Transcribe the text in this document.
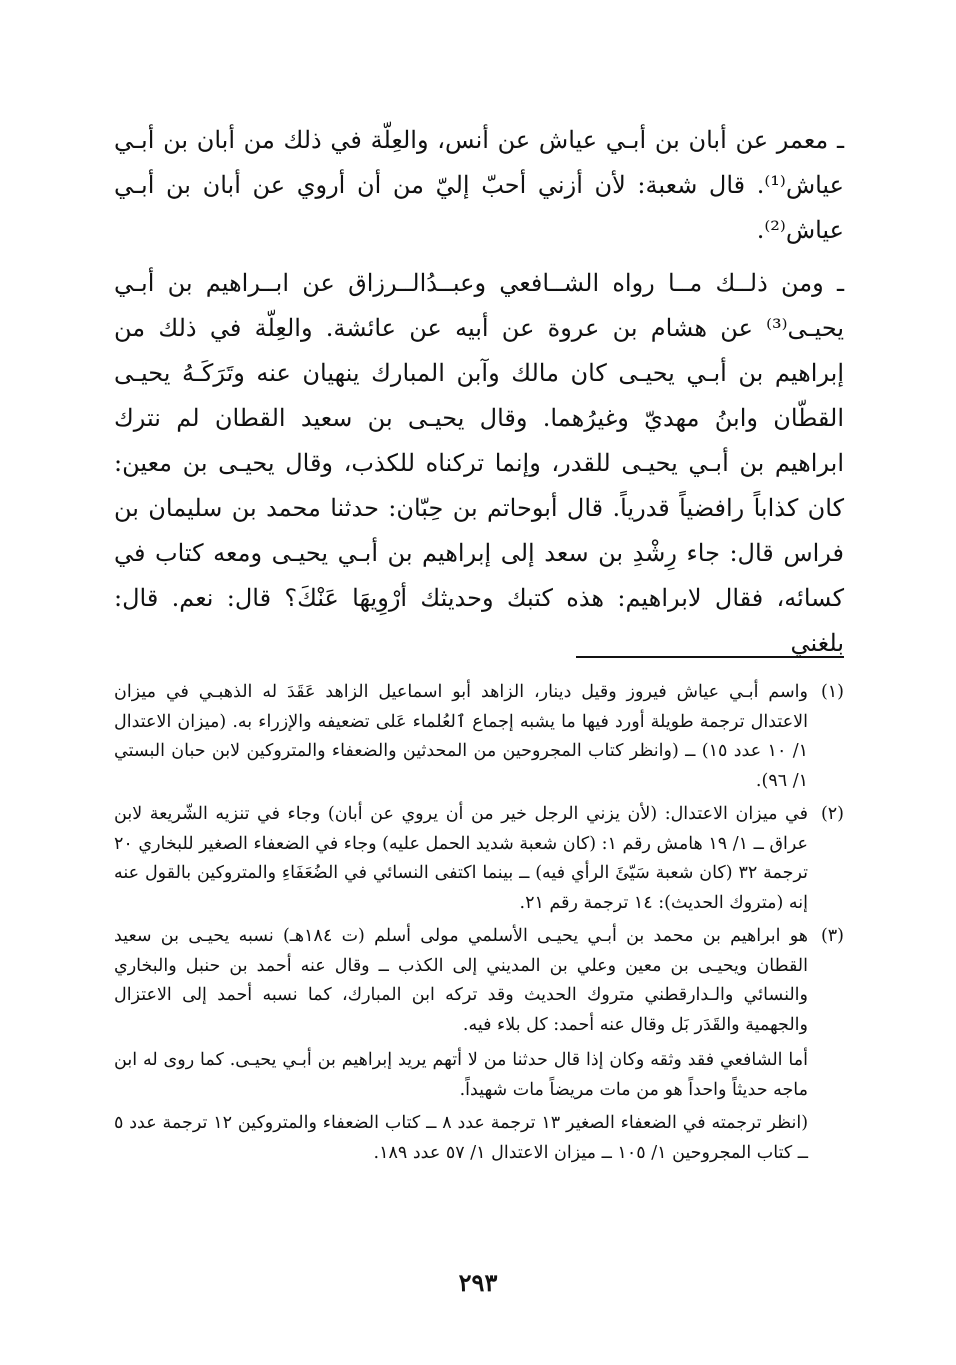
ـ معمر عن أبان بن أبـي عياش عن أنس، والعِلّة في ذلك من أبان بن أبـي عياش⁽¹⁾. قال شعبة: لأن أزني أحبّ إليّ من أن أروي عن أبان بن أبـي عياش⁽²⁾.

ـ ومن ذلــك مــا رواه الشــافعي وعبــدُالــرزاق عن ابــراهيم بن أبـي يحيـى⁽³⁾ عن هشام بن عروة عن أبيه عن عائشة. والعِلّة في ذلك من إبراهيم بن أبـي يحيـى كان مالك وآبن المبارك ينهيان عنه وتَرَكَـهُ يحيـى القطّان وابنُ مهديّ وغيرُهما. وقال يحيـى بن سعيد القطان لم نترك ابراهيم بن أبـي يحيـى للقدر، وإنما تركناه للكذب، وقال يحيـى بن معين: كان كذاباً رافضياً قدرياً. قال أبوحاتم بن حِبّان: حدثنا محمد بن سليمان بن فراس قال: جاء رِشْدِ بن سعد إلى إبراهيم بن أبـي يحيـى ومعه كتاب في كسائه، فقال لابراهيم: هذه كتبك وحديثك أرْوِيهَا عَنْكَ؟ قال: نعم. قال: بلغني

(١)

واسم أبـي عياش فيروز وقيل دينار، الزاهد أبو اسماعيل الزاهد عَقَدَ له الذهبـي في ميزان الاعتدال ترجمة طويلة أورد فيها ما يشبه إجماع ٱلعُلماء عَلى تضعيفه والإزراء به. (ميزان الاعتدال ١/ ١٠ عدد ١٥) ــ (وانظر كتاب المجروحين من المحدثين والضعفاء والمتروكين لابن حبان البستي ١/ ٩٦).

(٢)

في ميزان الاعتدال: (لأن يزني الرجل خير من أن يروي عن أبان) وجاء في تنزيه الشّريعة لابن عراق ــ ١/ ١٩ هامش رقم ١: (كان شعبة شديد الحمل عليه) وجاء في الضعفاء الصغير للبخاري ٢٠ ترجمة ٣٢ (كان شعبة سَيّئَ الرأي فيه) ــ بينما اكتفى النسائي في الضُعَفَاءِ والمتروكين بالقول عنه إنه (متروك الحديث): ١٤ ترجمة رقم ٢١.

(٣)

هو ابراهيم بن محمد بن أبـي يحيـى الأسلمي مولى أسلم (ت ١٨٤هـ) نسبه يحيـى بن سعيد القطان ويحيـى بن معين وعلي بن المديني إلى الكذب ــ وقال عنه أحمد بن حنبل والبخاري والنسائي والـدارقطني متروك الحديث وقد تركه ابن المبارك، كما نسبه أحمد إلى الاعتزال والجهمية والقَدَر بَل وقال عنه أحمد: كل بلاء فيه.

أما الشافعي فقد وثقه وكان إذا قال حدثنا من لا أتهم يريد إبراهيم بن أبـي يحيـى. كما روى له ابن ماجه حديثاً واحداً هو من مات مريضاً مات شهيداً.

(انظر ترجمته في الضعفاء الصغير ١٣ ترجمة عدد ٨ ــ كتاب الضعفاء والمتروكين ١٢ ترجمة عدد ٥ ــ كتاب المجروحين ١/ ١٠٥ ــ ميزان الاعتدال ١/ ٥٧ عدد ١٨٩.

٢٩٣
